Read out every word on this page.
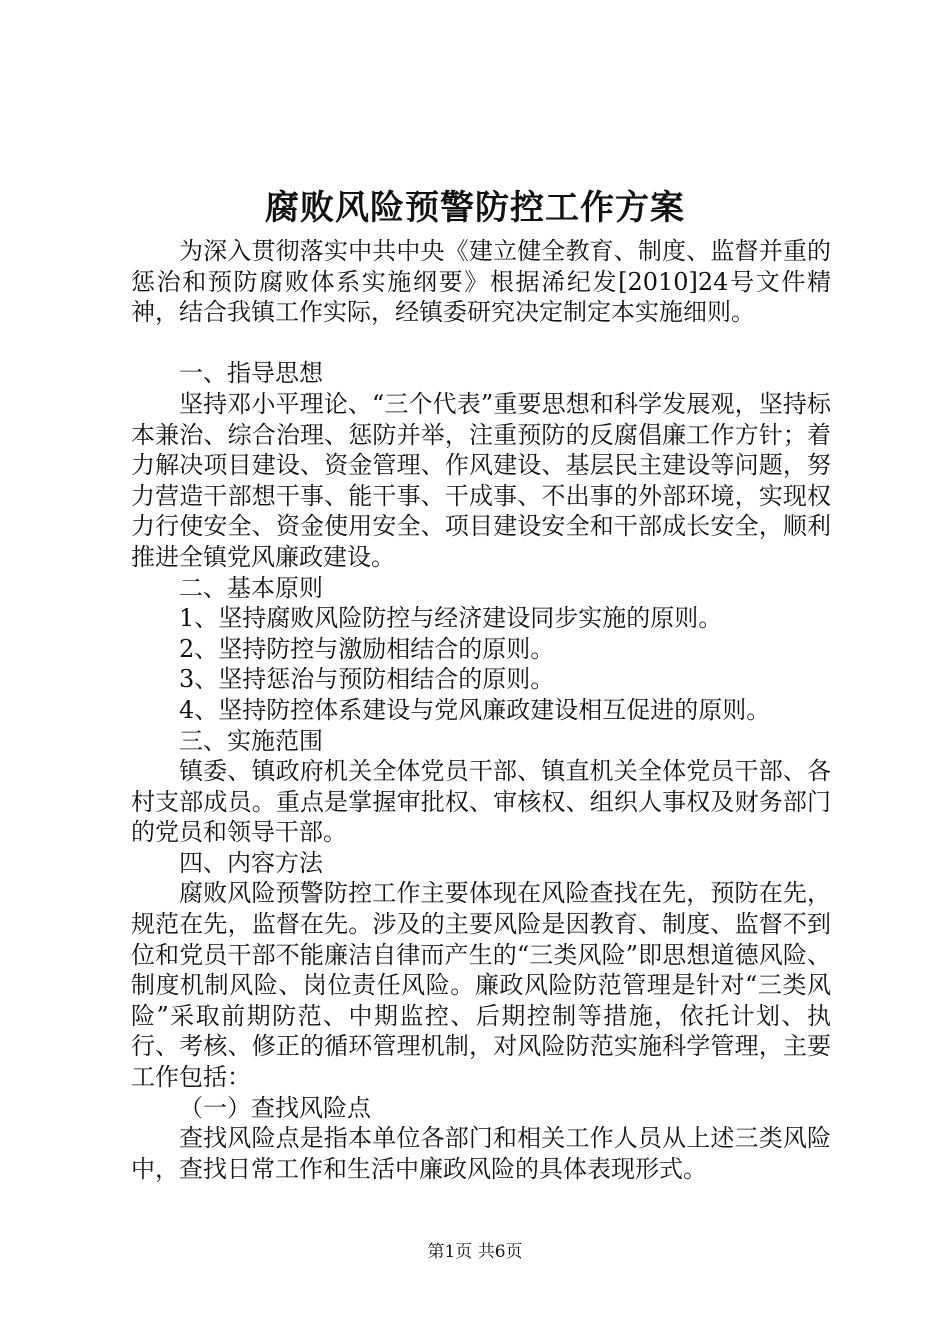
腐败风险预警防控工作方案

为深入贯彻落实中共中央《建立健全教育、制度、监督并重的惩治和预防腐败体系实施纲要》根据浠纪发[2010]24号文件精神，结合我镇工作实际，经镇委研究决定制定本实施细则。

一、指导思想

坚持邓小平理论、“三个代表”重要思想和科学发展观，坚持标本兼治、综合治理、惩防并举，注重预防的反腐倡廉工作方针；着力解决项目建设、资金管理、作风建设、基层民主建设等问题，努力营造干部想干事、能干事、干成事、不出事的外部环境，实现权力行使安全、资金使用安全、项目建设安全和干部成长安全，顺利推进全镇党风廉政建设。

二、基本原则

1、坚持腐败风险防控与经济建设同步实施的原则。

2、坚持防控与激励相结合的原则。

3、坚持惩治与预防相结合的原则。

4、坚持防控体系建设与党风廉政建设相互促进的原则。

三、实施范围

镇委、镇政府机关全体党员干部、镇直机关全体党员干部、各村支部成员。重点是掌握审批权、审核权、组织人事权及财务部门的党员和领导干部。

四、内容方法

腐败风险预警防控工作主要体现在风险查找在先，预防在先，规范在先，监督在先。涉及的主要风险是因教育、制度、监督不到位和党员干部不能廉洁自律而产生的“三类风险”即思想道德风险、制度机制风险、岗位责任风险。廉政风险防范管理是针对“三类风险”采取前期防范、中期监控、后期控制等措施，依托计划、执行、考核、修正的循环管理机制，对风险防范实施科学管理，主要工作包括：

（一）查找风险点

查找风险点是指本单位各部门和相关工作人员从上述三类风险中，查找日常工作和生活中廉政风险的具体表现形式。

第1页 共6页
